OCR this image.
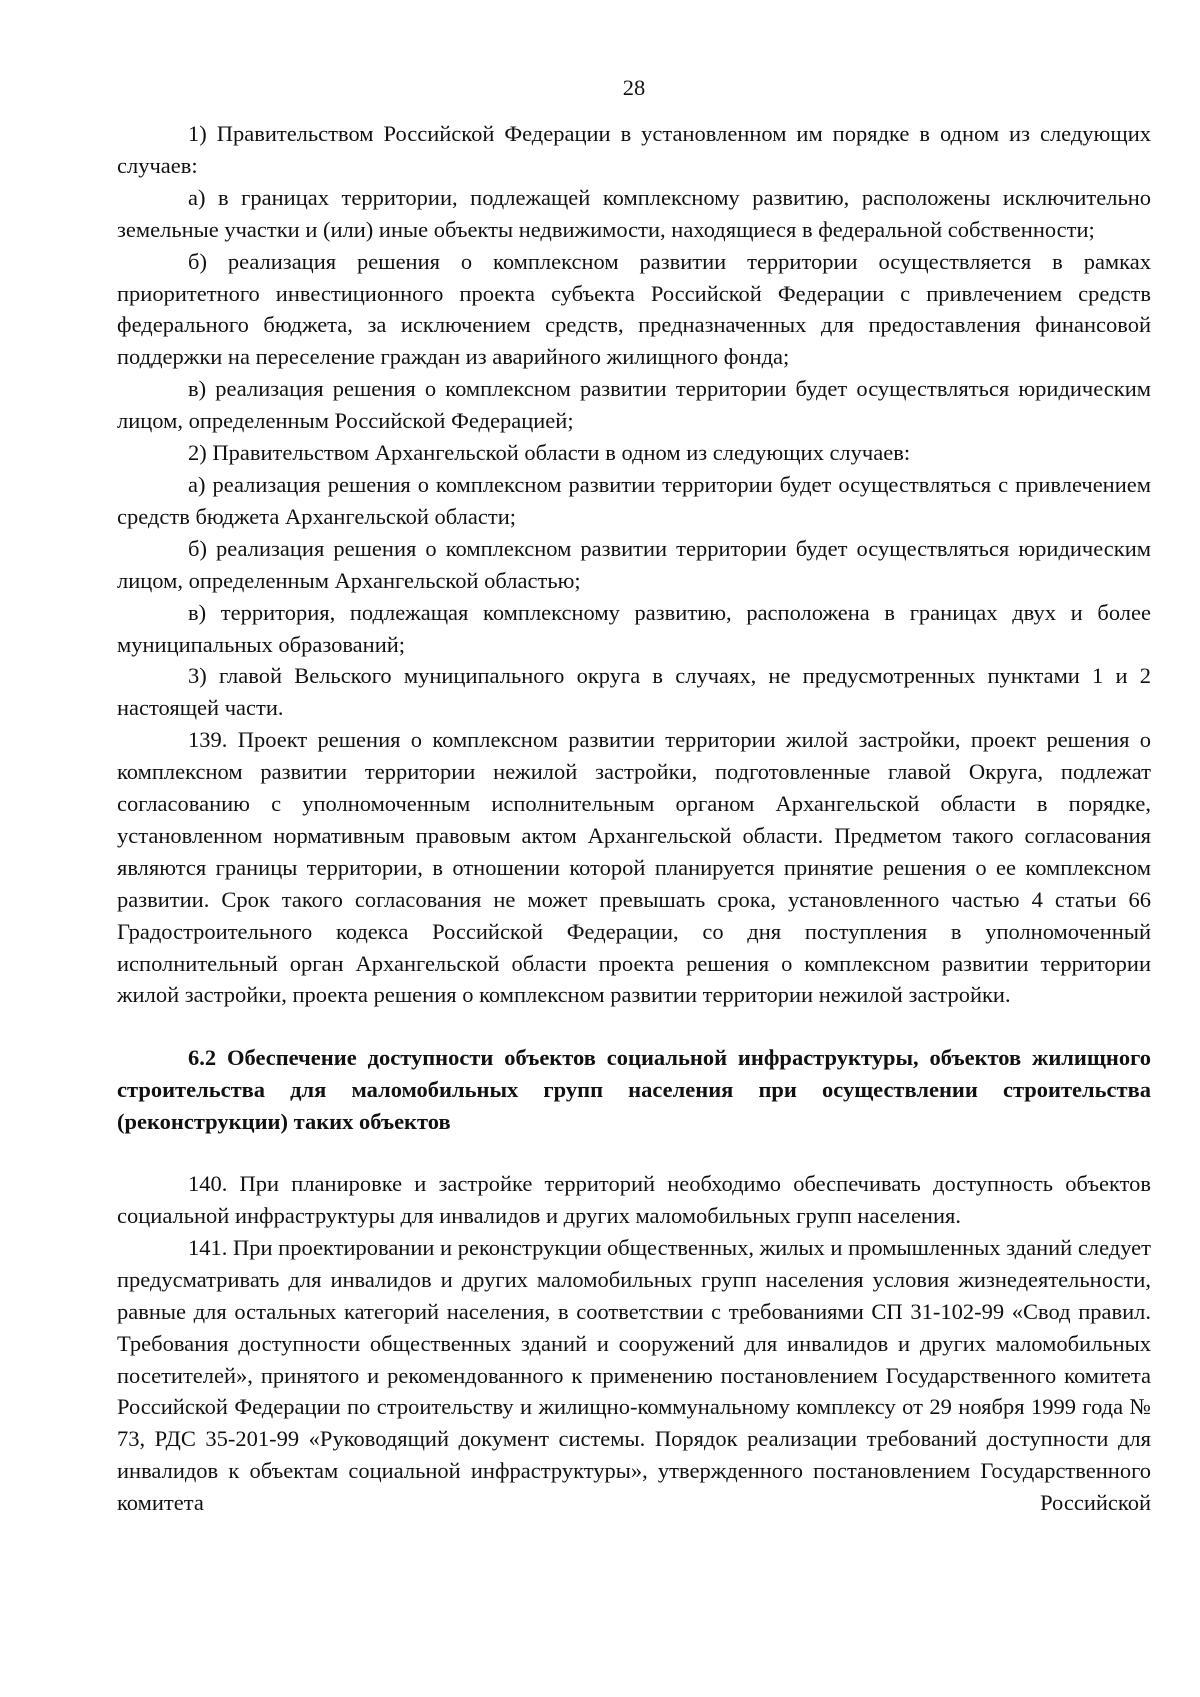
28

1) Правительством Российской Федерации в установленном им порядке в одном из следующих случаев:

а) в границах территории, подлежащей комплексному развитию, расположены исключительно земельные участки и (или) иные объекты недвижимости, находящиеся в федеральной собственности;

б) реализация решения о комплексном развитии территории осуществляется в рамках приоритетного инвестиционного проекта субъекта Российской Федерации с привлечением средств федерального бюджета, за исключением средств, предназначенных для предоставления финансовой поддержки на переселение граждан из аварийного жилищного фонда;

в) реализация решения о комплексном развитии территории будет осуществляться юридическим лицом, определенным Российской Федерацией;

2) Правительством Архангельской области в одном из следующих случаев:

а) реализация решения о комплексном развитии территории будет осуществляться с привлечением средств бюджета Архангельской области;

б) реализация решения о комплексном развитии территории будет осуществляться юридическим лицом, определенным Архангельской областью;

в) территория, подлежащая комплексному развитию, расположена в границах двух и более муниципальных образований;

3) главой Вельского муниципального округа в случаях, не предусмотренных пунктами 1 и 2 настоящей части.

139. Проект решения о комплексном развитии территории жилой застройки, проект решения о комплексном развитии территории нежилой застройки, подготовленные главой Округа, подлежат согласованию с уполномоченным исполнительным органом Архангельской области в порядке, установленном нормативным правовым актом Архангельской области. Предметом такого согласования являются границы территории, в отношении которой планируется принятие решения о ее комплексном развитии. Срок такого согласования не может превышать срока, установленного частью 4 статьи 66 Градостроительного кодекса Российской Федерации, со дня поступления в уполномоченный исполнительный орган Архангельской области проекта решения о комплексном развитии территории жилой застройки, проекта решения о комплексном развитии территории нежилой застройки.

6.2 Обеспечение доступности объектов социальной инфраструктуры, объектов жилищного строительства для маломобильных групп населения при осуществлении строительства (реконструкции) таких объектов

140. При планировке и застройке территорий необходимо обеспечивать доступность объектов социальной инфраструктуры для инвалидов и других маломобильных групп населения.

141. При проектировании и реконструкции общественных, жилых и промышленных зданий следует предусматривать для инвалидов и других маломобильных групп населения условия жизнедеятельности, равные для остальных категорий населения, в соответствии с требованиями СП 31-102-99 «Свод правил. Требования доступности общественных зданий и сооружений для инвалидов и других маломобильных посетителей», принятого и рекомендованного к применению постановлением Государственного комитета Российской Федерации по строительству и жилищно-коммунальному комплексу от 29 ноября 1999 года № 73, РДС 35-201-99 «Руководящий документ системы. Порядок реализации требований доступности для инвалидов к объектам социальной инфраструктуры», утвержденного постановлением Государственного комитета Российской
